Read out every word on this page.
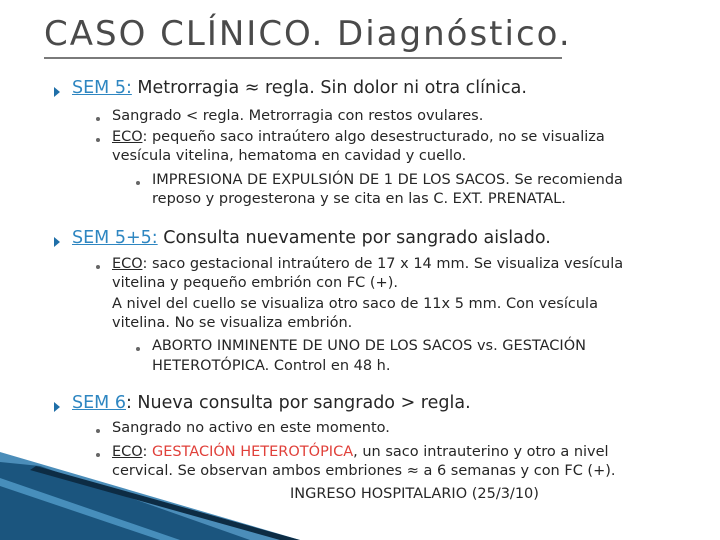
CASO CLÍNICO. Diagnóstico.
SEM 5: Metrorragia ≈ regla. Sin dolor ni otra clínica.
Sangrado < regla. Metrorragia con restos ovulares.
ECO: pequeño saco intraútero algo desestructurado, no se visualiza
vesícula vitelina, hematoma en cavidad y cuello.
IMPRESIONA DE EXPULSIÓN DE 1 DE LOS SACOS. Se recomienda
reposo y progesterona y se cita en las C. EXT. PRENATAL.
SEM 5+5: Consulta nuevamente por sangrado aislado.
ECO: saco gestacional intraútero de 17 x 14 mm. Se visualiza vesícula
vitelina y pequeño embrión con FC (+).
A nivel del cuello se visualiza otro saco de 11x 5 mm. Con vesícula
vitelina. No se visualiza embrión.
ABORTO INMINENTE DE UNO DE LOS SACOS vs. GESTACIÓN
HETEROTÓPICA. Control en 48 h.
SEM 6: Nueva consulta por sangrado > regla.
Sangrado no activo en este momento.
ECO: GESTACIÓN HETEROTÓPICA, un saco intrauterino y otro a nivel
cervical. Se observan ambos embriones ≈ a 6 semanas y con FC (+).
INGRESO HOSPITALARIO (25/3/10)
